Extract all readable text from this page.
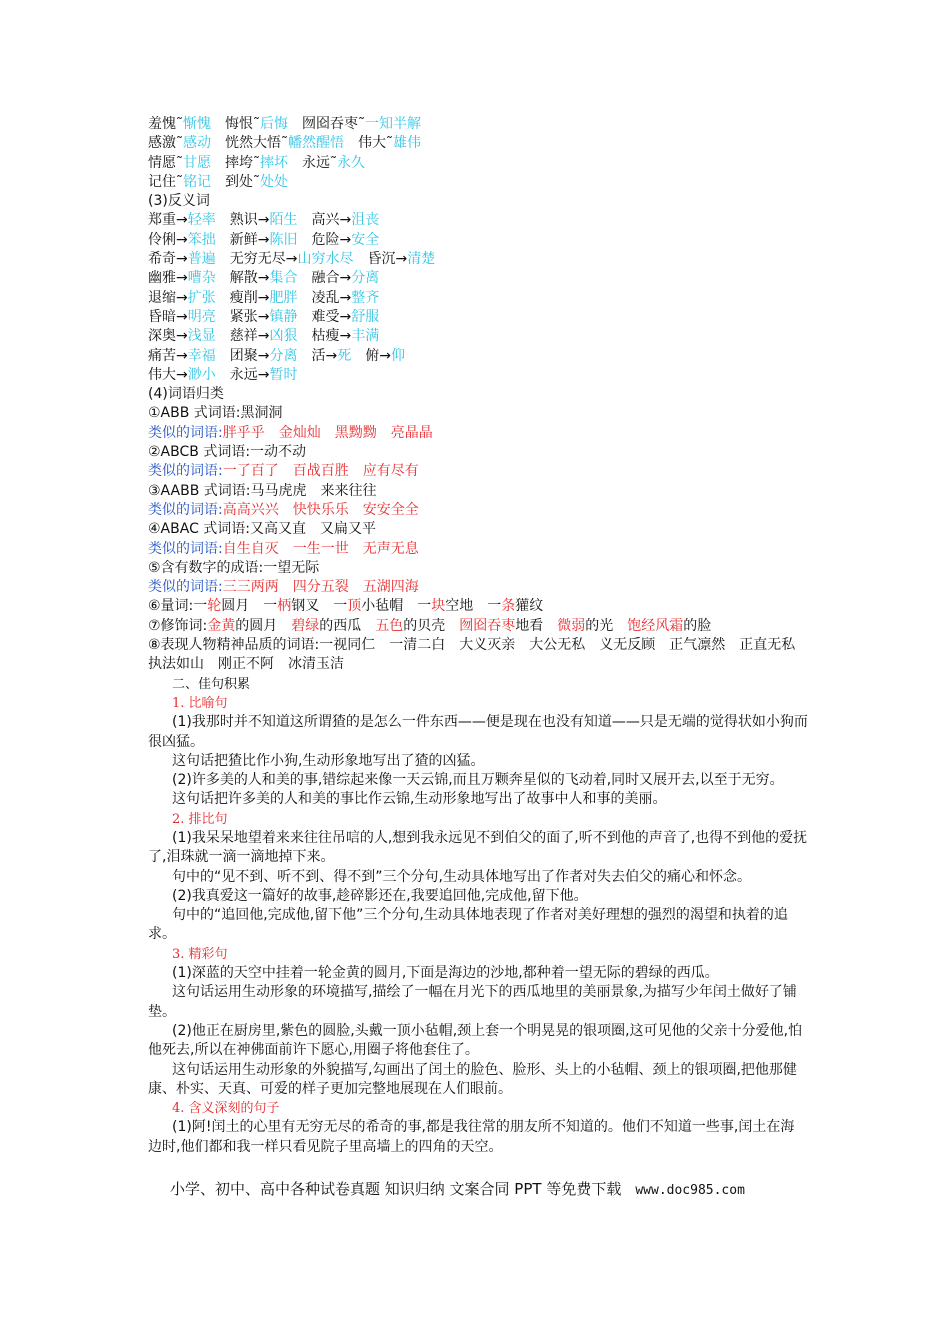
羞愧˜惭愧　 悔恨˜后悔　 囫囵吞枣˜一知半解
感激˜感动　 恍然大悟˜幡然醒悟　 伟大˜雄伟
情愿˜甘愿　 摔垮˜摔坏　 永远˜永久
记住˜铭记　 到处˜处处
(3)反义词
郑重→轻率　 熟识→陌生　 高兴→沮丧
伶俐→笨拙　 新鲜→陈旧　 危险→安全
希奇→普遍　 无穷无尽→山穷水尽　 昏沉→清楚
幽雅→嘈杂　 解散→集合　 融合→分离
退缩→扩张　 瘦削→肥胖　 凌乱→整齐
昏暗→明亮　 紧张→镇静　 难受→舒服
深奥→浅显　 慈祥→凶狠　 枯瘦→丰满
痛苦→幸福　 团聚→分离　 活→死　 俯→仰
伟大→渺小　 永远→暂时
(4)词语归类
①ABB 式词语:黑洞洞
类似的词语:胖乎乎　金灿灿　黑黝黝　亮晶晶
②ABCB 式词语:一动不动
类似的词语:一了百了　百战百胜　应有尽有
③AABB 式词语:马马虎虎　来来往往
类似的词语:高高兴兴　快快乐乐　安安全全
④ABAC 式词语:又高又直　又扁又平
类似的词语:自生自灭　一生一世　无声无息
⑤含有数字的成语:一望无际
类似的词语:三三两两　四分五裂　五湖四海
⑥量词:一轮圆月　 一柄钢叉　 一顶小毡帽　 一块空地　 一条獾纹
⑦修饰词:金黄的圆月　 碧绿的西瓜　 五色的贝壳　 囫囵吞枣地看　 微弱的光　 饱经风霜的脸
⑧表现人物精神品质的词语:一视同仁　一清二白　大义灭亲　大公无私　义无反顾　正气凛然　正直无私　执法如山　刚正不阿　冰清玉洁
二、佳句积累
1. 比喻句
(1)我那时并不知道这所谓猹的是怎么一件东西——便是现在也没有知道——只是无端的觉得状如小狗而很凶猛。
这句话把猹比作小狗,生动形象地写出了猹的凶猛。
(2)许多美的人和美的事,错综起来像一天云锦,而且万颗奔星似的飞动着,同时又展开去,以至于无穷。
这句话把许多美的人和美的事比作云锦,生动形象地写出了故事中人和事的美丽。
2. 排比句
(1)我呆呆地望着来来往往吊唁的人,想到我永远见不到伯父的面了,听不到他的声音了,也得不到他的爱抚了,泪珠就一滴一滴地掉下来。
句中的“见不到、听不到、得不到”三个分句,生动具体地写出了作者对失去伯父的痛心和怀念。
(2)我真爱这一篇好的故事,趁碎影还在,我要追回他,完成他,留下他。
句中的“追回他,完成他,留下他”三个分句,生动具体地表现了作者对美好理想的强烈的渴望和执着的追求。
3. 精彩句
(1)深蓝的天空中挂着一轮金黄的圆月,下面是海边的沙地,都种着一望无际的碧绿的西瓜。
这句话运用生动形象的环境描写,描绘了一幅在月光下的西瓜地里的美丽景象,为描写少年闰土做好了铺垫。
(2)他正在厨房里,紫色的圆脸,头戴一顶小毡帽,颈上套一个明晃晃的银项圈,这可见他的父亲十分爱他,怕他死去,所以在神佛面前许下愿心,用圈子将他套住了。
这句话运用生动形象的外貌描写,勾画出了闰土的脸色、脸形、头上的小毡帽、颈上的银项圈,把他那健康、朴实、天真、可爱的样子更加完整地展现在人们眼前。
4. 含义深刻的句子
(1)阿!闰土的心里有无穷无尽的希奇的事,都是我往常的朋友所不知道的。他们不知道一些事,闰土在海边时,他们都和我一样只看见院子里高墙上的四角的天空。
小学、初中、高中各种试卷真题 知识归纳 文案合同 PPT 等免费下载 www.doc985.com
